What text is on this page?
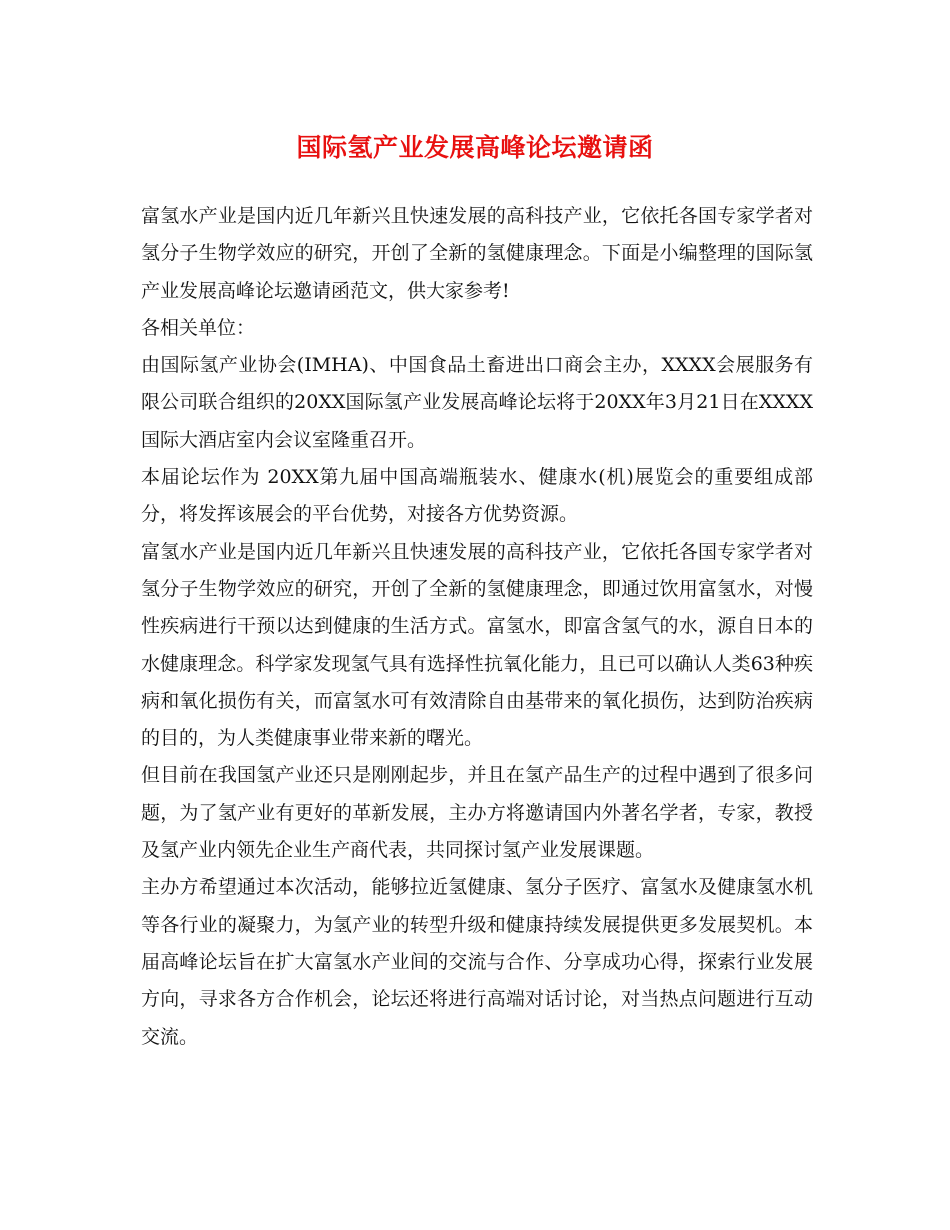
国际氢产业发展高峰论坛邀请函

富氢水产业是国内近几年新兴且快速发展的高科技产业，它依托各国专家学者对氢分子生物学效应的研究，开创了全新的氢健康理念。下面是小编整理的国际氢产业发展高峰论坛邀请函范文，供大家参考!

各相关单位：

由国际氢产业协会(IMHA)、中国食品土畜进出口商会主办，XXXX会展服务有限公司联合组织的20XX国际氢产业发展高峰论坛将于20XX年3月21日在XXXX国际大酒店室内会议室隆重召开。

本届论坛作为 20XX第九届中国高端瓶装水、健康水(机)展览会的重要组成部分，将发挥该展会的平台优势，对接各方优势资源。

富氢水产业是国内近几年新兴且快速发展的高科技产业，它依托各国专家学者对氢分子生物学效应的研究，开创了全新的氢健康理念，即通过饮用富氢水，对慢性疾病进行干预以达到健康的生活方式。富氢水，即富含氢气的水，源自日本的水健康理念。科学家发现氢气具有选择性抗氧化能力，且已可以确认人类63种疾病和氧化损伤有关，而富氢水可有效清除自由基带来的氧化损伤，达到防治疾病的目的，为人类健康事业带来新的曙光。

但目前在我国氢产业还只是刚刚起步，并且在氢产品生产的过程中遇到了很多问题，为了氢产业有更好的革新发展，主办方将邀请国内外著名学者，专家，教授及氢产业内领先企业生产商代表，共同探讨氢产业发展课题。

主办方希望通过本次活动，能够拉近氢健康、氢分子医疗、富氢水及健康氢水机等各行业的凝聚力，为氢产业的转型升级和健康持续发展提供更多发展契机。本届高峰论坛旨在扩大富氢水产业间的交流与合作、分享成功心得，探索行业发展方向，寻求各方合作机会，论坛还将进行高端对话讨论，对当热点问题进行互动交流。
